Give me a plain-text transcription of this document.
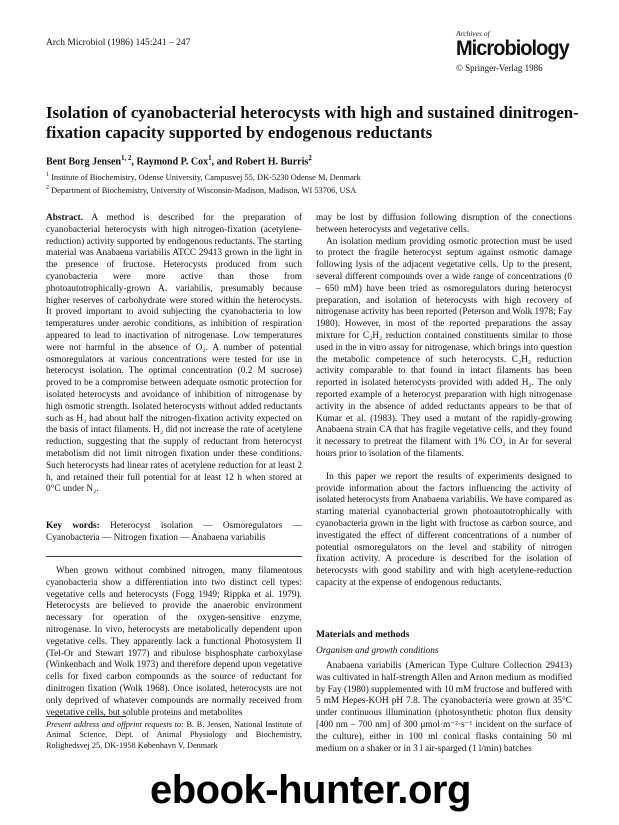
Arch Microbiol (1986) 145:241 – 247
Archives of
Microbiology
© Springer-Verlag 1986
Isolation of cyanobacterial heterocysts with high and sustained dinitrogen-fixation capacity supported by endogenous reductants
Bent Borg Jensen$^{1, 2}$, Raymond P. Cox$^1$, and Robert H. Burris$^2$
$^1$ Institute of Biochemistry, Odense University, Campusvej 55, DK-5230 Odense M, Denmark
$^2$ Department of Biochemistry, University of Wisconsin-Madison, Madison, WI 53706, USA

Abstract. A method is described for the preparation of cyanobacterial heterocysts with high nitrogen-fixation (acetylene-reduction) activity supported by endogenous reductants. The starting material was Anabaena variabilis ATCC 29413 grown in the light in the presence of fructose. Heterocysts produced from such cyanobacteria were more active than those from photoautotrophically-grown A. variabilis, presumably because higher reserves of carbohydrate were stored within the heterocysts. It proved important to avoid subjecting the cyanobacteria to low temperatures under aerobic conditions, as inhibition of respiration appeared to lead to inactivation of nitrogenase. Low temperatures were not harmful in the absence of O₂. A number of potential osmoregulators at various concentrations were tested for use in heterocyst isolation. The optimal concentration (0.2 M sucrose) proved to be a compromise between adequate osmotic protection for isolated heterocysts and avoidance of inhibition of nitrogenase by high osmotic strength. Isolated heterocysts without added reductants such as H₂ had about half the nitrogen-fixation activity expected on the basis of intact filaments. H₂ did not increase the rate of acetylene reduction, suggesting that the supply of reductant from heterocyst metabolism did not limit nitrogen fixation under these conditions. Such heterocysts had linear rates of acetylene reduction for at least 2 h, and retained their full potential for at least 12 h when stored at 0°C under N₂.

Key words: Heterocyst isolation — Osmoregulators — Cyanobacteria — Nitrogen fixation — Anabaena variabilis

When grown without combined nitrogen, many filamentous cyanobacteria show a differentiation into two distinct cell types: vegetative cells and heterocysts (Fogg 1949; Rippka et al. 1979). Heterocysts are believed to provide the anaerobic environment necessary for operation of the oxygen-sensitive enzyme, nitrogenase. In vivo, heterocysts are metabolically dependent upon vegetative cells. They apparently lack a functional Photosystem II (Tel-Or and Stewart 1977) and ribulose bisphosphate carboxylase (Winkenbach and Wolk 1973) and therefore depend upon vegetative cells for fixed carbon compounds as the source of reductant for dinitrogen fixation (Wolk 1968). Once isolated, heterocysts are not only deprived of whatever compounds are normally received from vegetative cells, but soluble proteins and metabolites

Present address and offprint requests to: B. B. Jensen, National Institute of Animal Science, Dept. of Animal Physiology and Biochemistry, Rolighedsvej 25, DK-1958 København V, Denmark

may be lost by diffusion following disruption of the conections between heterocysts and vegetative cells.

An isolation medium providing osmotic protection must be used to protect the fragile heterocyst septum against osmotic damage following lysis of the adjacent vegetative cells. Up to the present, several different compounds over a wide range of concentrations (0 – 650 mM) have been tried as osmoregulators during heterocyst preparation, and isolation of heterocysts with high recovery of nitrogenase activity has been reported (Peterson and Wolk 1978; Fay 1980). However, in most of the reported preparations the assay mixture for C₂H₂ reduction contained constituents similar to those used in the in vitro assay for nitrogenase, which brings into question the metabolic competence of such heterocysts. C₂H₂ reduction activity comparable to that found in intact filaments has been reported in isolated heterocysts provided with added H₂. The only reported example of a heterocyst preparation with high nitrogenase activity in the absence of added reductants appears to be that of Kumar et al. (1983). They used a mutant of the rapidly-growing Anabaena strain CA that has fragile vegetative cells, and they found it necessary to pretreat the filament with 1% CO₂ in Ar for several hours prior to isolation of the filaments.

In this paper we report the results of experiments designed to provide information about the factors influencing the activity of isolated heterocysts from Anabaena variabilis. We have compared as starting material cyanobacterial grown photoautotrophically with cyanobacteria grown in the light with fructose as carbon source, and investigated the effect of different concentrations of a number of potential osmoregulators on the level and stability of nitrogen fixation activity. A procedure is described for the isolation of heterocysts with good stability and with high acetylene-reduction capacity at the expense of endogenous reductants.

Materials and methods
Organism and growth conditions

Anabaena variabilis (American Type Culture Collection 29413) was cultivated in half-strength Allen and Arnon medium as modified by Fay (1980) supplemented with 10 mM fructose and buffered with 5 mM Hepes-KOH pH 7.8. The cyanobacteria were grown at 35°C under continuous illumination (photosynthetic photon flux density [400 nm – 700 nm] of 300 μmol·m⁻²·s⁻¹ incident on the surface of the culture), either in 100 ml conical flasks containing 50 ml medium on a shaker or in 3 l air-sparged (1 l/min) batches

ebook-hunter.org
